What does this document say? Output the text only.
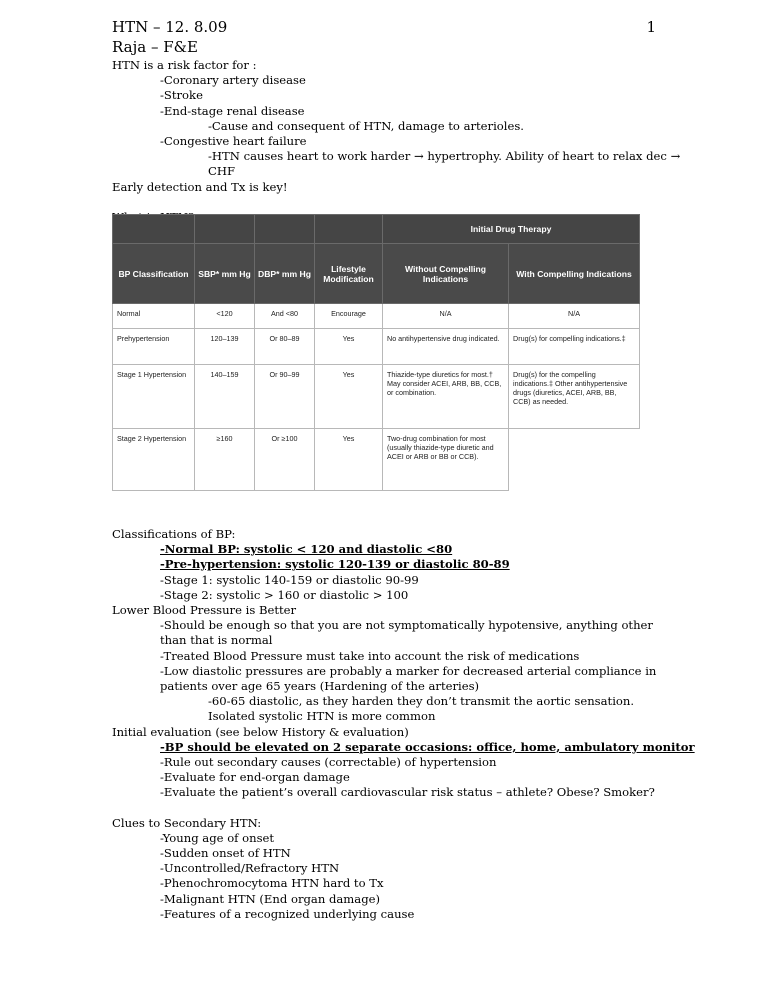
HTN – 12. 8.09
Raja – F&E
1
HTN is a risk factor for :
-Coronary artery disease
-Stroke
-End-stage renal disease
-Cause and consequent of HTN, damage to arterioles.
-Congestive heart failure
-HTN causes heart to work harder → hypertrophy. Ability of heart to relax dec →
CHF
Early detection and Tx is key!
				Initial Drug Therapy	
BP Classification	SBP* mm Hg	DBP* mm Hg	Lifestyle Modification	Without Compelling Indications	With Compelling Indications
Normal	<120	And <80	Encourage	N/A	N/A
Prehypertension	120–139	Or 80–89	Yes	No antihypertensive drug indicated.	Drug(s) for compelling indications.‡
Stage 1 Hypertension	140–159	Or 90–99	Yes	Thiazide-type diuretics for most.† May consider ACEI, ARB, BB, CCB, or combination.	Drug(s) for the compelling indications.‡ Other antihypertensive drugs (diuretics, ACEI, ARB, BB, CCB) as needed.
Stage 2 Hypertension	≥160	Or ≥100	Yes	Two-drug combination for most (usually thiazide-type diuretic and ACEI or ARB or BB or CCB).	
Classifications of BP:
-Normal BP: systolic < 120 and diastolic <80
-Pre-hypertension: systolic 120-139 or diastolic 80-89
-Stage 1: systolic 140-159 or diastolic 90-99
-Stage 2: systolic > 160 or diastolic > 100
Lower Blood Pressure is Better
-Should be enough so that you are not symptomatically hypotensive, anything other than that is normal
-Treated Blood Pressure must take into account the risk of medications
-Low diastolic pressures are probably a marker for decreased arterial compliance in patients over age 65 years (Hardening of the arteries)
-60-65 diastolic, as they harden they don’t transmit the aortic sensation. Isolated systolic HTN is more common
Initial evaluation (see below History & evaluation)
-BP should be elevated on 2 separate occasions: office, home, ambulatory monitor
-Rule out secondary causes (correctable) of hypertension
-Evaluate for end-organ damage
-Evaluate the patient’s overall cardiovascular risk status – athlete? Obese? Smoker?
Clues to Secondary HTN:
-Young age of onset
-Sudden onset of HTN
-Uncontrolled/Refractory HTN
-Phenochromocytoma HTN hard to Tx
-Malignant HTN (End organ damage)
-Features of a recognized underlying cause
